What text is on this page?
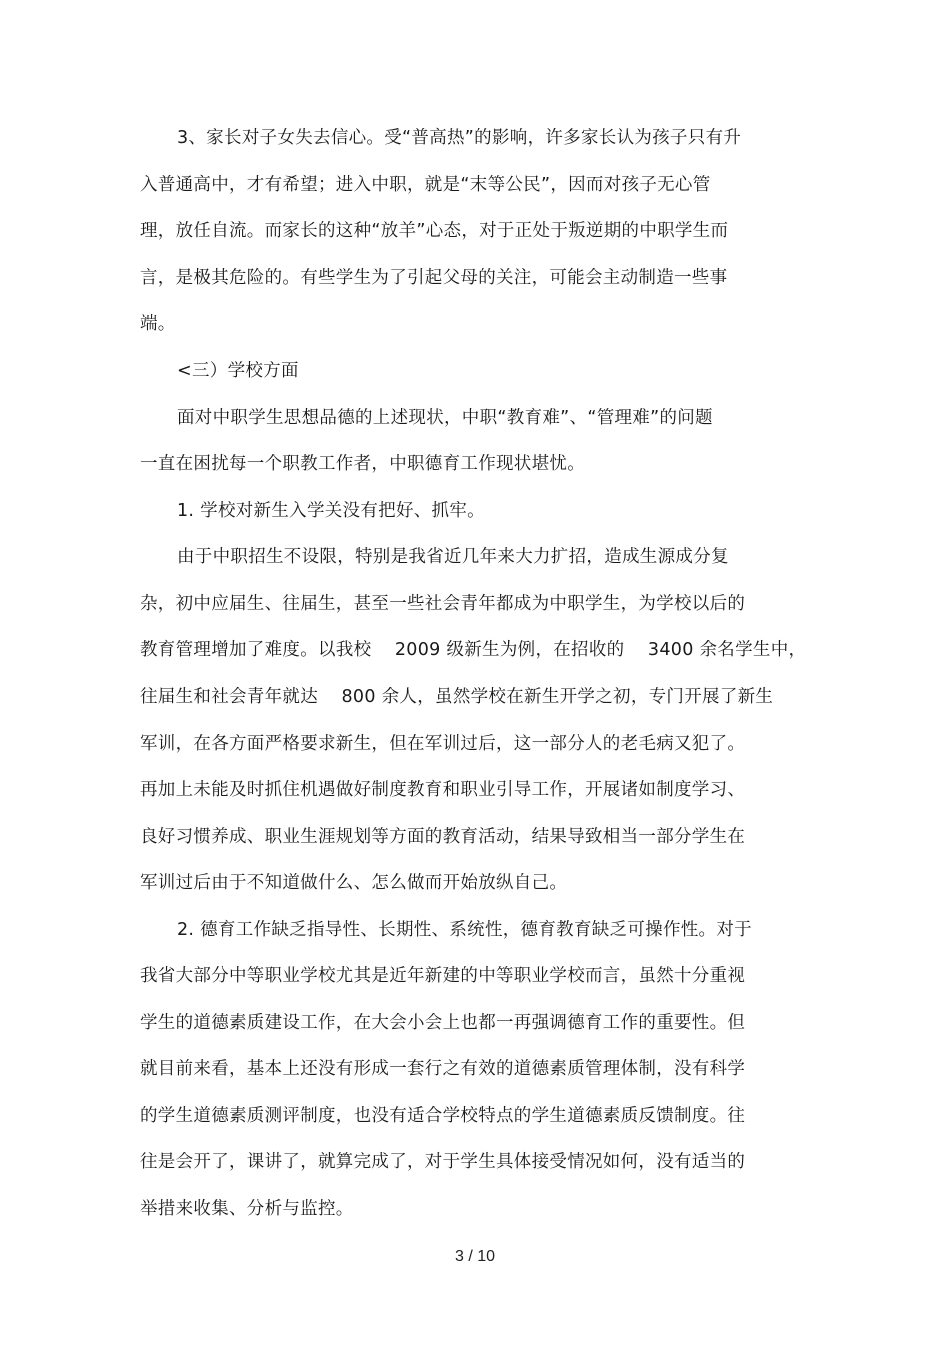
3、家长对子女失去信心。受“普高热”的影响，许多家长认为孩子只有升
入普通高中，才有希望；进入中职，就是“末等公民”，因而对孩子无心管
理，放任自流。而家长的这种“放羊”心态，对于正处于叛逆期的中职学生而
言，是极其危险的。有些学生为了引起父母的关注，可能会主动制造一些事
端。
<三）学校方面
面对中职学生思想品德的上述现状，中职“教育难”、“管理难”的问题
一直在困扰每一个职教工作者，中职德育工作现状堪忧。
1. 学校对新生入学关没有把好、抓牢。
由于中职招生不设限，特别是我省近几年来大力扩招，造成生源成分复
杂，初中应届生、往届生，甚至一些社会青年都成为中职学生，为学校以后的
教育管理增加了难度。以我校    2009 级新生为例，在招收的    3400 余名学生中，
往届生和社会青年就达    800 余人，虽然学校在新生开学之初，专门开展了新生
军训，在各方面严格要求新生，但在军训过后，这一部分人的老毛病又犯了。
再加上未能及时抓住机遇做好制度教育和职业引导工作，开展诸如制度学习、
良好习惯养成、职业生涯规划等方面的教育活动，结果导致相当一部分学生在
军训过后由于不知道做什么、怎么做而开始放纵自己。
2. 德育工作缺乏指导性、长期性、系统性，德育教育缺乏可操作性。对于
我省大部分中等职业学校尤其是近年新建的中等职业学校而言，虽然十分重视
学生的道德素质建设工作，在大会小会上也都一再强调德育工作的重要性。但
就目前来看，基本上还没有形成一套行之有效的道德素质管理体制，没有科学
的学生道德素质测评制度，也没有适合学校特点的学生道德素质反馈制度。往
往是会开了，课讲了，就算完成了，对于学生具体接受情况如何，没有适当的
举措来收集、分析与监控。
3 / 10
